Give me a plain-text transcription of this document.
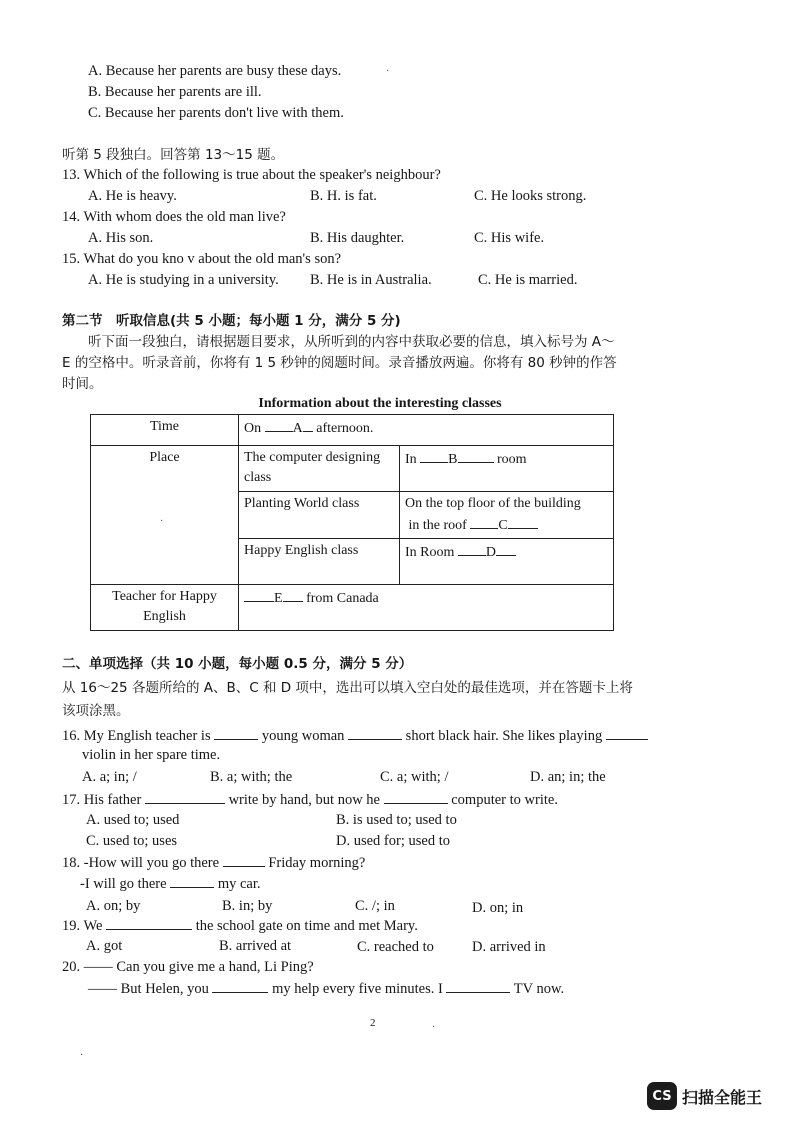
A. Because her parents are busy these days.
B. Because her parents are ill.
C. Because her parents don't live with them.
听第 5 段独白。回答第 13～15 题。
13. Which of the following is true about the speaker's neighbour?
A. He is heavy.	B. H. is fat.	C. He looks strong.
14. With whom does the old man live?
A. His son.	B. His daughter.	C. His wife.
15. What do you kno v about the old man's son?
A. He is studying in a university. B. He is in Australia.	C. He is married.
第二节　听取信息(共 5 小题；每小题 1 分，满分 5 分)
听下面一段独白，请根据题目要求，从所听到的内容中获取必要的信息，填入标号为 A～
E 的空格中。听录音前，你将有 1 5 秒钟的阅题时间。录音播放两遍。你将有 80 秒钟的作答
时间。
Information about the interesting classes
Time	On A afternoon.	
Place	The computer designing class	In B room
	Planting World class	On the top floor of the building
in the roof C

	Happy English class	In Room D
Teacher for Happy English	E from Canada	
二、单项选择（共 10 小题，每小题 0.5 分，满分 5 分）
从 16～25 各题所给的 A、B、C 和 D 项中，选出可以填入空白处的最佳选项，并在答题卡上将
该项涂黑。
16. My English teacher is	young woman	short black hair. She likes playing
violin in her spare time.
A. a; in; /	B. a; with; the	C. a; with; /	D. an; in; the
17. His father	write by hand, but now he	computer to write.
A. used to; used	B. is used to; used to
C. used to; uses	D. used for; used to
18. -How will you go there	Friday morning?
-I will go there	my car.
A. on; by	B. in; by	C. /; in	D. on; in
19. We	the school gate on time and met Mary.
A. got	B. arrived at	C. reached to	D. arrived in
20. —— Can you give me a hand, Li Ping?
—— But Helen, you	my help every five minutes. I	TV now.
2
·
·
·
·
CS 扫描全能王
